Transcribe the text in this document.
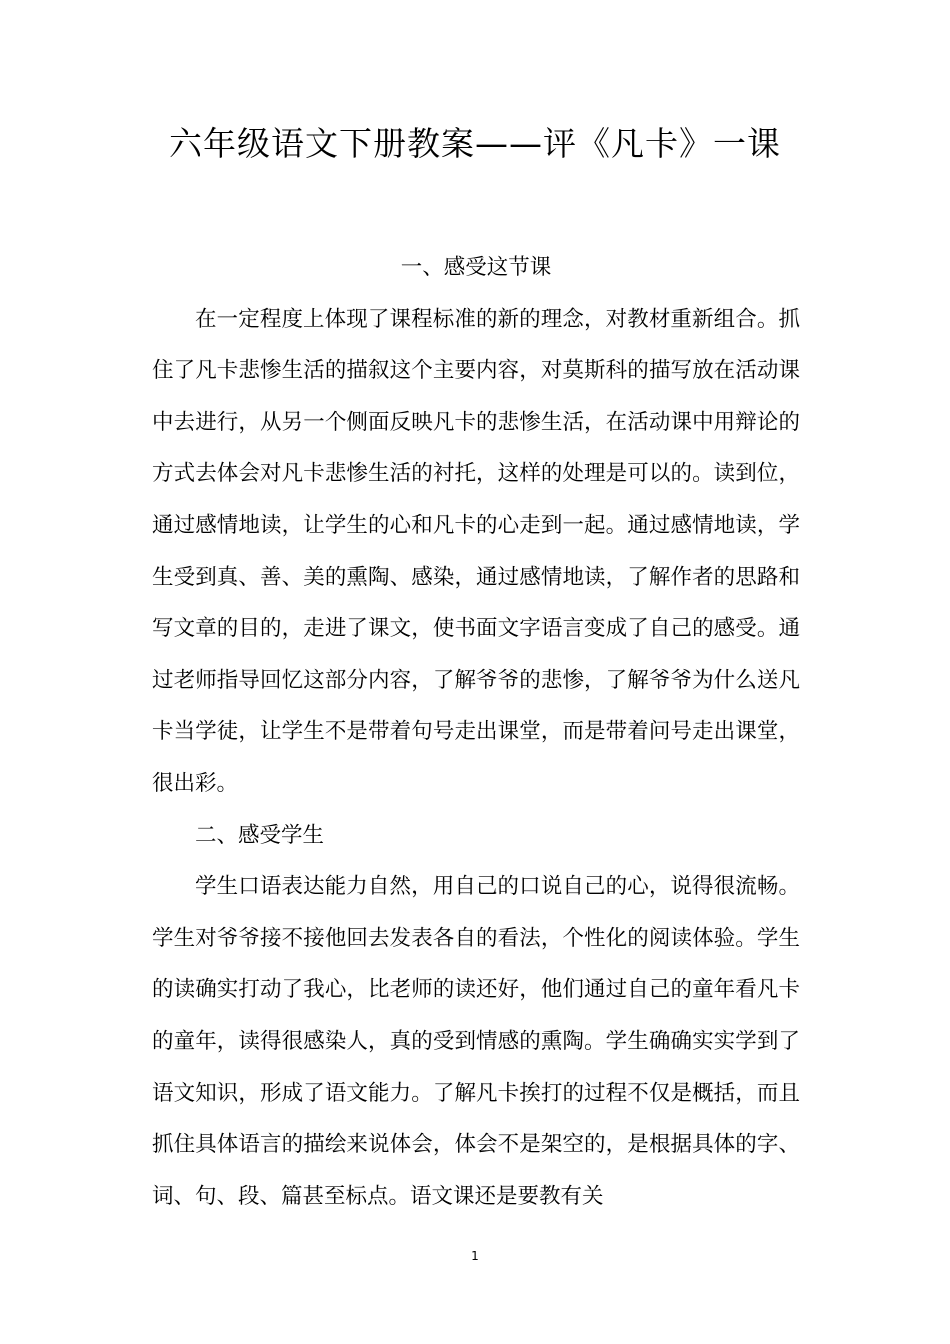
六年级语文下册教案——评《凡卡》一课

一、感受这节课

在一定程度上体现了课程标准的新的理念，对教材重新组合。抓住了凡卡悲惨生活的描叙这个主要内容，对莫斯科的描写放在活动课中去进行，从另一个侧面反映凡卡的悲惨生活，在活动课中用辩论的方式去体会对凡卡悲惨生活的衬托，这样的处理是可以的。读到位，通过感情地读，让学生的心和凡卡的心走到一起。通过感情地读，学生受到真、善、美的熏陶、感染，通过感情地读，了解作者的思路和写文章的目的，走进了课文，使书面文字语言变成了自己的感受。通过老师指导回忆这部分内容，了解爷爷的悲惨，了解爷爷为什么送凡卡当学徒，让学生不是带着句号走出课堂，而是带着问号走出课堂，很出彩。

二、感受学生

学生口语表达能力自然，用自己的口说自己的心，说得很流畅。学生对爷爷接不接他回去发表各自的看法，个性化的阅读体验。学生的读确实打动了我心，比老师的读还好，他们通过自己的童年看凡卡的童年，读得很感染人，真的受到情感的熏陶。学生确确实实学到了语文知识，形成了语文能力。了解凡卡挨打的过程不仅是概括，而且抓住具体语言的描绘来说体会，体会不是架空的，是根据具体的字、词、句、段、篇甚至标点。语文课还是要教有关

1
